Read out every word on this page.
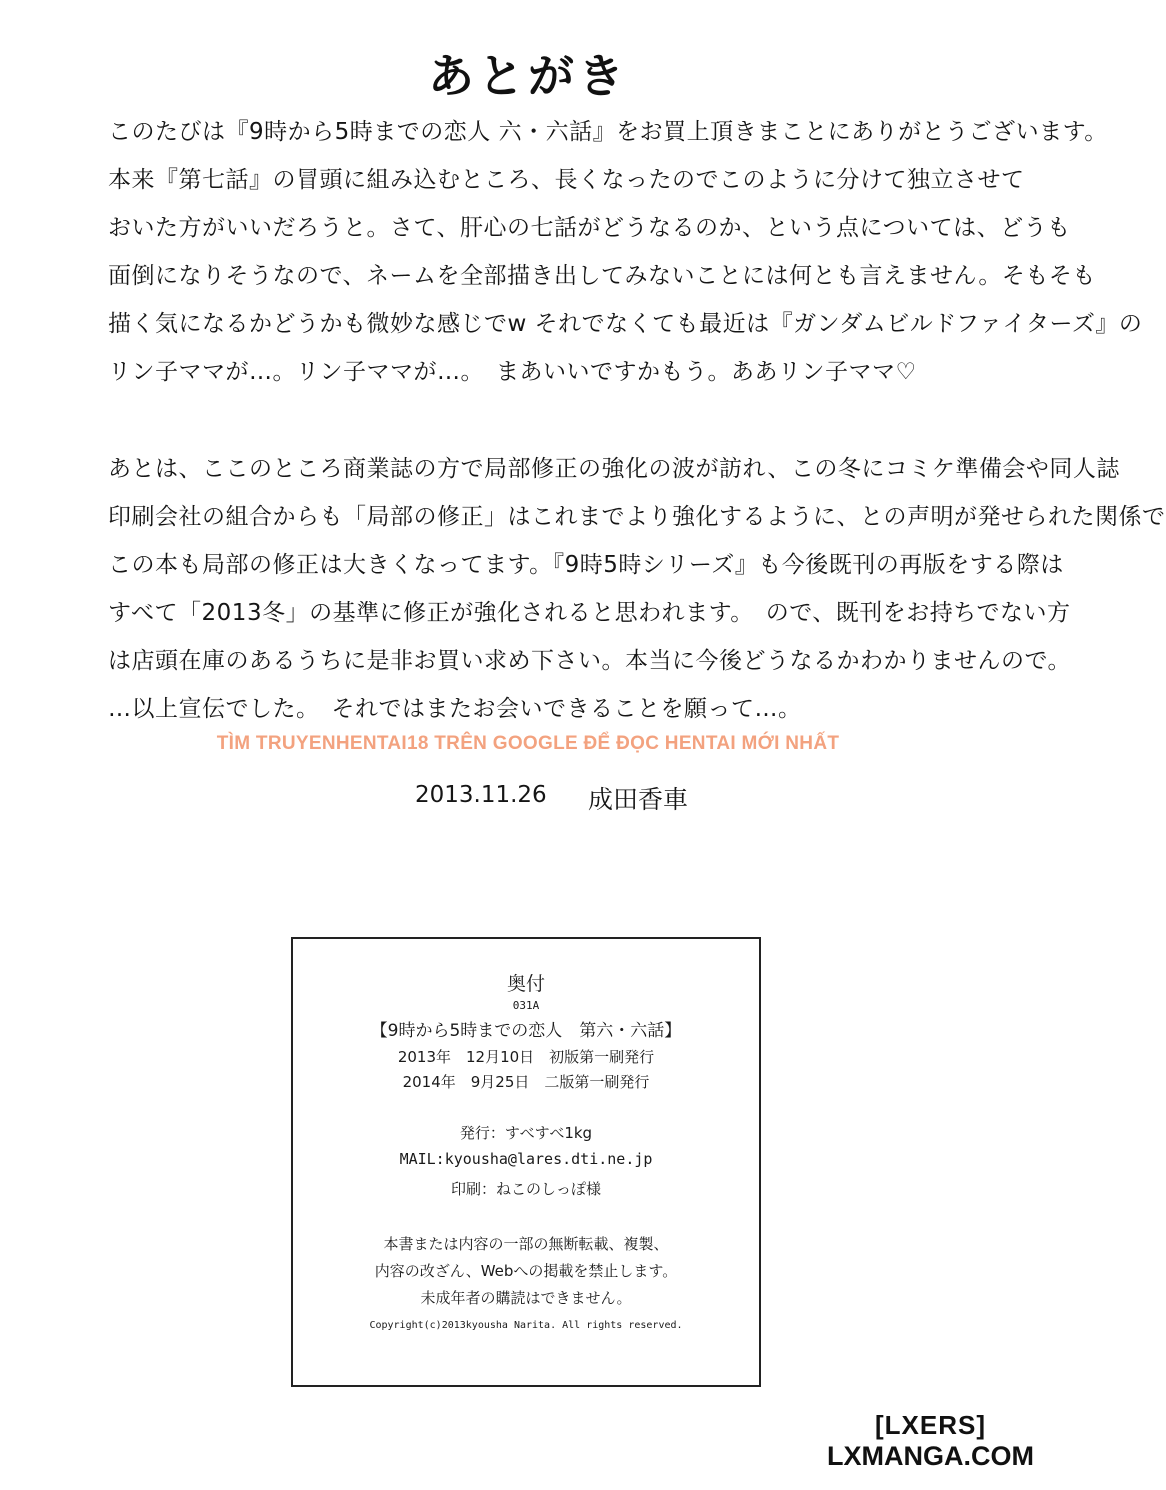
あとがき
このたびは『9時から5時までの恋人 六・六話』をお買上頂きまことにありがとうございます。
本来『第七話』の冒頭に組み込むところ、長くなったのでこのように分けて独立させて
おいた方がいいだろうと。さて、肝心の七話がどうなるのか、という点については、どうも
面倒になりそうなので、ネームを全部描き出してみないことには何とも言えません。そもそも
描く気になるかどうかも微妙な感じでw それでなくても最近は『ガンダムビルドファイターズ』の
リン子ママが…。リン子ママが…。　まあいいですかもう。ああリン子ママ♡
あとは、ここのところ商業誌の方で局部修正の強化の波が訪れ、この冬にコミケ準備会や同人誌
印刷会社の組合からも「局部の修正」はこれまでより強化するように、との声明が発せられた関係で
この本も局部の修正は大きくなってます。『9時5時シリーズ』も今後既刊の再版をする際は
すべて「2013冬」の基準に修正が強化されると思われます。　ので、既刊をお持ちでない方
は店頭在庫のあるうちに是非お買い求め下さい。本当に今後どうなるかわかりませんので。
…以上宣伝でした。　それではまたお会いできることを願って…。
TÌM TRUYENHENTAI18 TRÊN GOOGLE ĐỂ ĐỌC HENTAI MỚI NHẤT
2013.11.26 成田香車
奥付
031A
【9時から5時までの恋人　第六・六話】
2013年　12月10日　初版第一刷発行
2014年　9月25日　二版第一刷発行
発行：すべすべ1kg
MAIL:kyousha@lares.dti.ne.jp
印刷：ねこのしっぽ様
本書または内容の一部の無断転載、複製、
内容の改ざん、Webへの掲載を禁止します。
未成年者の購読はできません。
Copyright(c)2013kyousha Narita. All rights reserved.
[LXERS]
LXMANGA.COM
